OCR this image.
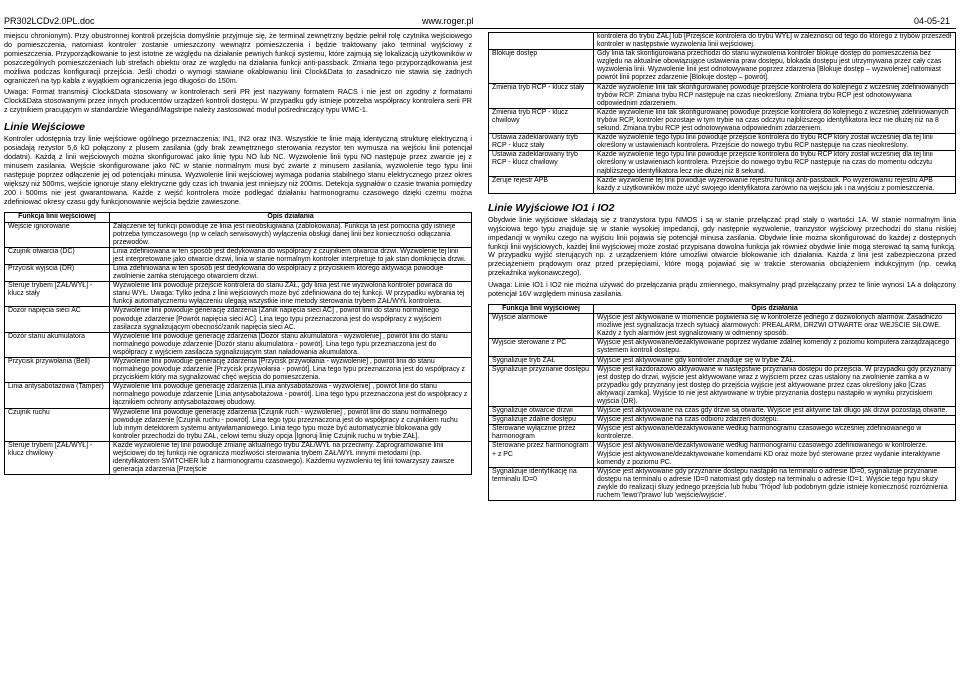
PR302LCDv2.0PL.doc	www.roger.pl	04-05-21

miejscu chronionym). Przy obustronnej kontroli przejścia domyślnie przyjmuje się, że terminal zewnętrzny będzie pełnił rolę czytnika wejściowego do pomieszczenia, natomiast kontroler zostanie umieszczony wewnątrz pomieszczenia i będzie traktowany jako terminal wyjściowy z pomieszczenia. Przyporządkowanie to jest istotne ze względu na działanie pewnych funkcji systemu, które zajmują się lokalizacją użytkowników w poszczególnych pomieszczeniach lub strefach obiektu oraz ze względu na działania funkcji anti-passback. Zmiana tego przyporządkowania jest możliwa podczas konfiguracji przejścia. Jeśli chodzi o wymogi stawiane okablowaniu linii Clock&Data to zasadniczo nie stawia się żadnych ograniczeń na typ kabla z wyjątkiem ograniczenia jego długości do 150m.

Uwaga: Format transmisji Clock&Data stosowany w kontrolerach serii PR jest nazywany formatem RACS i nie jest on zgodny z formatami Clock&Data stosowanymi przez innych producentów urządzeń kontroli dostępu. W przypadku gdy istnieje potrzeba współpracy kontrolera serii PR z czytnikiem pracującym w standardzie Wiegand/Magstripe należy zastosować moduł pośredniczący typu WMC-1.

Linie Wejściowe

Kontroler udostępnia trzy linie wejściowe ogólnego przeznaczenia: IN1, IN2 oraz IN3. Wszystkie te linie mają identyczną strukturę elektryczną i posiadają rezystor 5,6 kΩ połączony z plusem zasilania (gdy brak zewnętrznego sterowania rezystor ten wymusza na wejściu linii potencjał dodatni). Każdą z linii wejściowych można skonfigurować jako linię typu NO lub NC. Wyzwolenie linii typu NO następuje przez zwarcie jej z minusem zasilania. Wejście skonfigurowane jako NC w stanie normalnym musi być zwarte z minusem zasilania, wyzwolenie tego typu linii następuje poprzez odłączenie jej od potencjału minusa. Wyzwolenie linii wejściowej wymaga podania stabilnego stanu elektrycznego przez okres większy niż 500ms, wejście ignoruje stany elektryczne gdy czas ich trwania jest mniejszy niż 200ms. Detekcja sygnałów o czasie trwania pomiędzy 200 i 500ms nie jest gwarantowana. Każde z wejść kontrolera może podlegać działaniu harmonogramu czasowego dzięki czemu można zdefiniować okresy czasu gdy funkcjonowanie wejścia będzie zawieszone.

Funkcja linii wejściowej	Opis działania
Wejście ignorowane	Załączenie tej funkcji powoduje że linia jest nieobsługiwana (zablokowana). Funkcja ta jest pomocna gdy istnieje potrzeba tymczasowego (np w celach serwisowych) wyłączenia obsługi danej linii bez konieczności odłączania przewodów.
Czujnik otwarcia (DC)	Linia zdefiniowana w ten sposób jest dedykowana do współpracy z czujnikiem otwarcia drzwi. Wyzwolenie tej linii jest interpretowane jako otwarcie drzwi, linia w stanie normalnym kontroler interpretuje to jak stan domknięcia drzwi.
Przycisk wyjścia (DR)	Linia zdefiniowana w ten sposób jest dedykowana do współpracy z przyciskiem którego aktywacja powoduje zwolnienie zamka sterującego otwarciem drzwi.
Steruje trybem [ZAŁ/WYŁ] - klucz stały	Wyzwolenie linii powoduje przejście kontrolera do stanu ZAŁ, gdy linia jest nie wyzwolona kontroler powraca do stanu WYŁ. Uwaga: Tylko jedna z linii wejściowych może być zdefiniowana do tej funkcji. W przypadku wybrania tej funkcji automatycznemu wyłączeniu ulegają wszystkie inne metody sterowania trybem ZAŁ/WYŁ kontrolera.
Dozór napięcia sieci AC	Wyzwolenie linii powoduje generację zdarzenia [Zanik napięcia sieci AC] , powrót linii do stanu normalnego powoduje zdarzenie [Powrót napięcia sieci AC]. Lina tego typu przeznaczona jest do współpracy z wyjściem zasilacza sygnalizującym obecność/zanik napięcia sieci AC.
Dozór stanu akumulatora	Wyzwolenie linii powoduje generację zdarzenia [Dozór stanu akumulatora - wyzwolenie] , powrót linii do stanu normalnego powoduje zdarzenie [Dozór stanu akumulatora - powrót]. Lina tego typu przeznaczona jest do współpracy z wyjściem zasilacza sygnalizującym stan naładowania akumulatora.
Przycisk przywołania (Bell)	Wyzwolenie linii powoduje generację zdarzenia [Przycisk przywołania - wyzwolenie] , powrót linii do stanu normalnego powoduje zdarzenie [Przycisk przywołania - powrót]. Lina tego typu przeznaczona jest do współpracy z przyciskiem który ma sygnalizować chęć wejścia do pomieszczenia.
Linia antysabotażowa (Tamper)	Wyzwolenie linii powoduje generację zdarzenia [Linia antysabotażowa - wyzwolenie] , powrót linii do stanu normalnego powoduje zdarzenie [Linia antysabotażowa - powrót]. Lina tego typu przeznaczona jest do współpracy z łącznikiem ochrony antysabotażowej obudowy.
Czujnik ruchu	Wyzwolenie linii powoduje generację zdarzenia [Czujnik ruch - wyzwolenie] , powrót linii do stanu normalnego powoduje zdarzenie [Czujnik ruchu - powrót]. Lina tego typu przeznaczona jest do współpracy z czujnikiem ruchu lub innym detektorem systemu antywłamaniowego. Linia tego typu może być automatycznie blokowana gdy kontroler przechodzi do trybu ZAŁ, celowi temu służy opcja [Ignoruj linię Czujnik ruchu w trybie ZAŁ].
Steruje trybem [ZAŁ/WYŁ] - klucz chwilowy	Każde wyzwolenie tej linii powoduje zmianę aktualnego trybu ZAŁ/WYŁ na przeciwny. Zaprogramowanie linii wejściowej do tej funkcji nie ogranicza możliwości sterowania trybem ZAŁ/WYŁ innymi metodami (np. identyfikatorem SWITCHER lub z harmonogramu czasowego). Każdemu wyzwoleniu tej linii towarzyszy zawsze generacja zdarzenia [Przejście
	kontrolera do trybu ZAŁ] lub [Przejście kontrolera do trybu WYŁ] w zależności od tego do którego z trybów przeszedł kontroler w następstwie wyzwolenia linii wejściowej.
Blokuje dostęp	Gdy linia tak skonfigurowana przechodzi do stanu wyzwolenia kontroler blokuje dostęp do pomieszczenia bez względu na aktualnie obowiązujące ustawienia praw dostępu, blokada dostępu jest utrzymywana przez cały czas wyzwolenia linii. Wyzwolenie linii jest odnotowywane poprzez zdarzenia [Blokuje dostęp – wyzwolenie] natomiast powrót linii poprzez zdarzenie [Blokuje dostęp – powrót].
Zmienia tryb RCP - klucz stały	Każde wyzwolenie linii tak skonfigurowanej powoduje przejście kontrolera do kolejnego z wcześniej zdefiniowanych trybów RCP. Zmiana trybu RCP następuje na czas nieokreślony. Zmiana trybu RCP jest odnotowywana odpowiednim zdarzeniem.
Zmienia tryb RCP - klucz chwilowy	Każde wyzwolenie linii tak skonfigurowanej powoduje przejście kontrolera do kolejnego z wcześniej zdefiniowanych trybów RCP, kontroler pozostaje w tym trybie na czas odczytu najbliższego identyfikatora lecz nie dłużej niż na 8 sekund. Zmiana trybu RCP jest odnotowywana odpowiednim zdarzeniem.
Ustawia zadeklarowany tryb RCP - klucz stały	Każde wyzwolenie tego typu linii powoduje przejście kontrolera do trybu RCP który został wcześniej dla tej linii określony w ustawieniach kontrolera. Przejście do nowego trybu RCP następuje na czas nieokreślony.
Ustawia zadeklarowany tryb RCP - klucz chwilowy	Każde wyzwolenie tego typu linii powoduje przejście kontrolera do trybu RCP który został wcześniej dla tej linii określony w ustawieniach kontrolera. Przejście do nowego trybu RCP następuje na czas do momentu odczytu najbliższego identyfikatora lecz nie dłużej niż 8 sekund.
Zeruje rejestr APB	Każde wyzwolenie tej linii powoduje wyzerowanie rejestru funkcji anti-passback. Po wyzerowaniu rejestru APB każdy z użytkowników może użyć swojego identyfikatora zarówno na wejściu jak i na wyjściu z pomieszczenia.
Linie Wyjściowe IO1 i IO2

Obydwie linie wyjściowe składają się z tranzystora typu NMOS i są w stanie przełączać prąd stały o wartości 1A. W stanie normalnym linia wyjściowa tego typu znajduje się w stanie wysokiej impedancji, gdy następnie wyzwolenie, tranzystor wyjściowy przechodzi do stanu niskiej impedancji w wyniku czego na wyjściu linii pojawia się potencjał minusa zasilania. Obydwie linie można skonfigurować do każdej z dostępnych funkcji linii wyjściowych, każdej linii wyjściowej może zostać przypisana dowolna funkcja jak również obydwie linie mogą sterować tą samą funkcją. W przypadku wyjść sterujących np. z urządzeniem które umożliwi otwarcie blokowanie ich działania. Każda z linii jest zabezpieczona przed przeciążeniem prądowym oraz przed przepięciami, które mogą pojawiać się w trakcie sterowania obciążeniem indukcyjnym (np. cewką przekaźnika wykonawczego).

Uwaga: Linie IO1 i IO2 nie można używać do przełączania prądu zmiennego, maksymalny prąd przełączany przez te linie wynosi 1A a dołączony potencjał 16V względem minusa zasilania.

Funkcja linii wyjściowej	Opis działania
Wyjście alarmowe	Wyjście jest aktywowane w momencie pojawienia się w kontrolerze jednego z dozwolonych alarmów. Zasadniczo możliwe jest sygnalizacja trzech sytuacji alarmowych: PREALARM, DRZWI OTWARTE oraz WEJŚCIE SIŁOWE. Każdy z tych alarmów jest sygnalizowany w odmienny sposób.
Wyjście sterowane z PC	Wyjście jest aktywowane/dezaktywowane poprzez wydanie zdalnej komendy z poziomu komputera zarządzającego systemem kontroli dostępu.
Sygnalizuje tryb ZAŁ	Wyjście jest aktywowane gdy kontroler znajduje się w trybie ZAŁ.
Sygnalizuje przyznanie dostępu	Wyjście jest każdorazowo aktywowane w następstwie przyznania dostępu do przejścia. W przypadku gdy przyznany jest dostęp do drzwi, wyjście jest aktywowane wraz z wyjściem przez czas ustalony na zwolnienie zamka a w przypadku gdy przyznany jest dostęp do przejścia wyjście jest aktywowane przez czas określony jako [Czas aktywacji zamka]. Wyjście to nie jest aktywowane w trybie przyznania dostępu nastąpiło w wyniku przyciskiem wyjścia (DR).
Sygnalizuje otwarcie drzwi	Wyjście jest aktywowane na czas gdy drzwi są otwarte. Wyjście jest aktywne tak długo jak drzwi pozostają otwarte.
Sygnalizuje zdalne dostępu	Wyjście jest aktywowane na czas odbioru zdarzeń dostępu.
Sterowane wyłącznie przez harmonogram	Wyjście jest aktywowane/dezaktywowane według harmonogramu czasowego wcześniej zdefiniowanego w kontrolerze.
Sterowane przez harmonogram + z PC	Wyjście jest aktywowane/dezaktywowane według harmonogramu czasowego zdefiniowanego w kontrolerze. Wyjście jest aktywowane/dezaktywowane komendami KD oraz może być sterowane przez wydanie interaktywne komendy z poziomu PC.
Sygnalizuje identyfikację na terminalu ID=0	Wyjście jest aktywowane gdy przyznanie dostępu nastąpiło na terminalu o adresie ID=0, sygnalizuje przyznanie dostępu na terminalu o adresie ID=0 natomiast gdy dostęp na terminalu o adresie ID=1. Wyjście tego typu służy zwykle do realizacji śluzy jednego przejścia lub hubu 'Trójod' lub podobnym gdzie istnieje konieczność rozróżnienia ruchem 'lewo'/'prawo' lub 'wejście/wyjście'.
